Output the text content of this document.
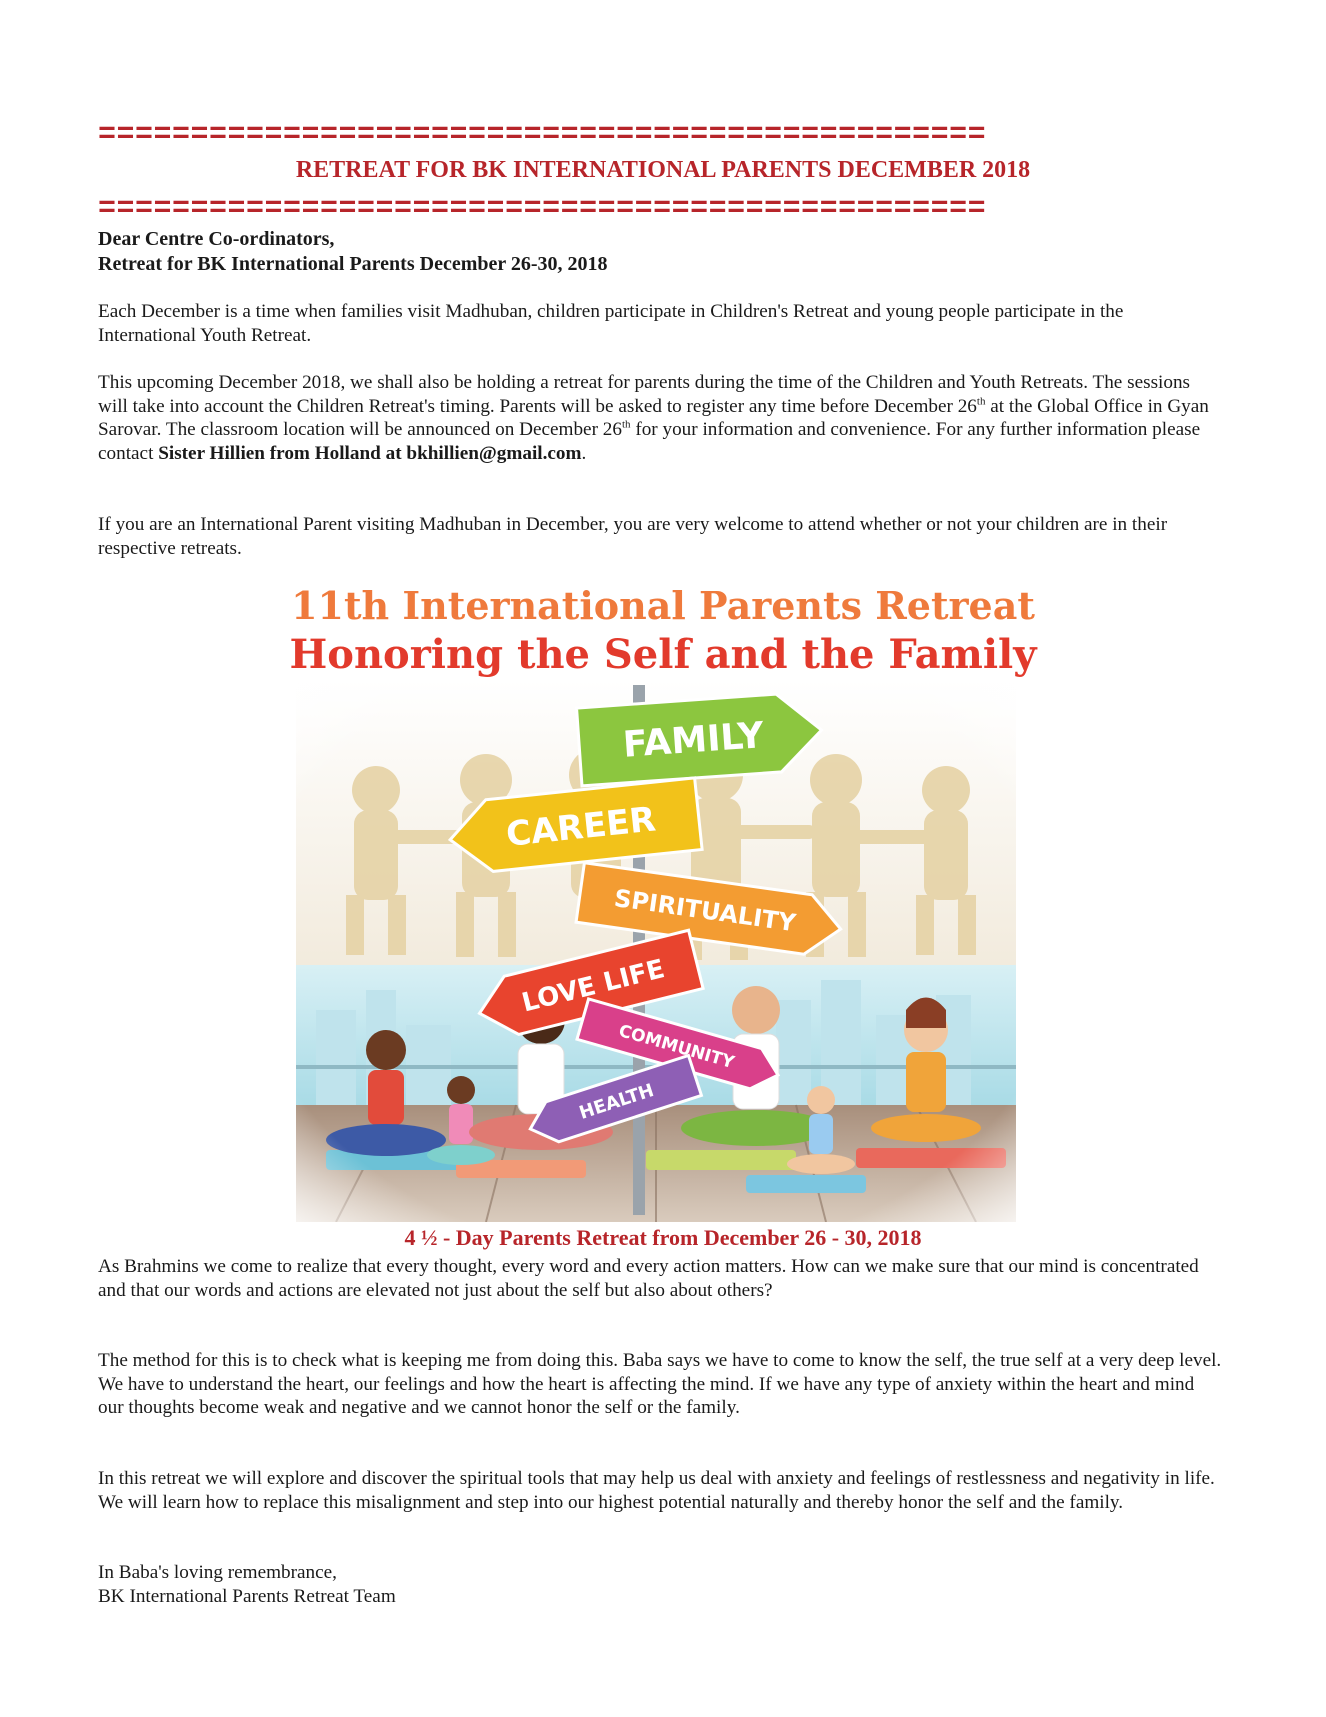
================================================
RETREAT FOR BK INTERNATIONAL PARENTS DECEMBER 2018
================================================
Dear Centre Co-ordinators,
Retreat for BK International Parents December 26-30, 2018

Each December is a time when families visit Madhuban, children participate in Children's Retreat and young people participate in the International Youth Retreat.

This upcoming December 2018, we shall also be holding a retreat for parents during the time of the Children and Youth Retreats. The sessions will take into account the Children Retreat's timing. Parents will be asked to register any time before December 26th at the Global Office in Gyan Sarovar. The classroom location will be announced on December 26th for your information and convenience. For any further information please contact Sister Hillien from Holland at bkhillien@gmail.com.

If you are an International Parent visiting Madhuban in December, you are very welcome to attend whether or not your children are in their respective retreats.

11th International Parents Retreat
Honoring the Self and the Family
4 ½ - Day Parents Retreat from December 26 - 30, 2018

As Brahmins we come to realize that every thought, every word and every action matters. How can we make sure that our mind is concentrated and that our words and actions are elevated not just about the self but also about others?

The method for this is to check what is keeping me from doing this. Baba says we have to come to know the self, the true self at a very deep level. We have to understand the heart, our feelings and how the heart is affecting the mind. If we have any type of anxiety within the heart and mind our thoughts become weak and negative and we cannot honor the self or the family.

In this retreat we will explore and discover the spiritual tools that may help us deal with anxiety and feelings of restlessness and negativity in life. We will learn how to replace this misalignment and step into our highest potential naturally and thereby honor the self and the family.

In Baba's loving remembrance,
BK International Parents Retreat Team
